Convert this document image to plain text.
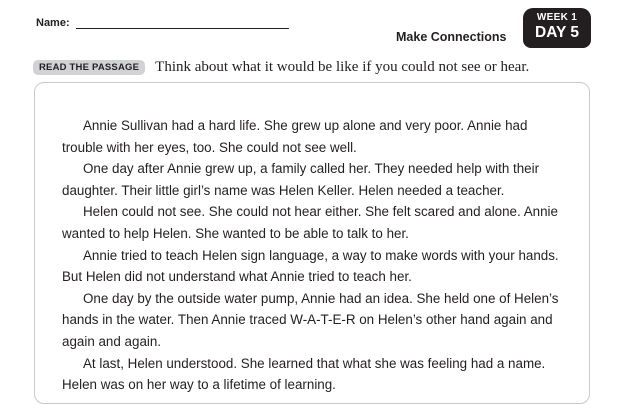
Name:
Make Connections
WEEK 1
DAY 5
READ THE PASSAGE	Think about what it would be like if you could not see or hear.

Annie Sullivan had a hard life. She grew up alone and very poor. Annie had trouble with her eyes, too. She could not see well.

One day after Annie grew up, a family called her. They needed help with their daughter. Their little girl’s name was Helen Keller. Helen needed a teacher.

Helen could not see. She could not hear either. She felt scared and alone. Annie wanted to help Helen. She wanted to be able to talk to her.

Annie tried to teach Helen sign language, a way to make words with your hands. But Helen did not understand what Annie tried to teach her.

One day by the outside water pump, Annie had an idea. She held one of Helen’s hands in the water. Then Annie traced W-A-T-E-R on Helen’s other hand again and again and again.

At last, Helen understood. She learned that what she was feeling had a name. Helen was on her way to a lifetime of learning.
